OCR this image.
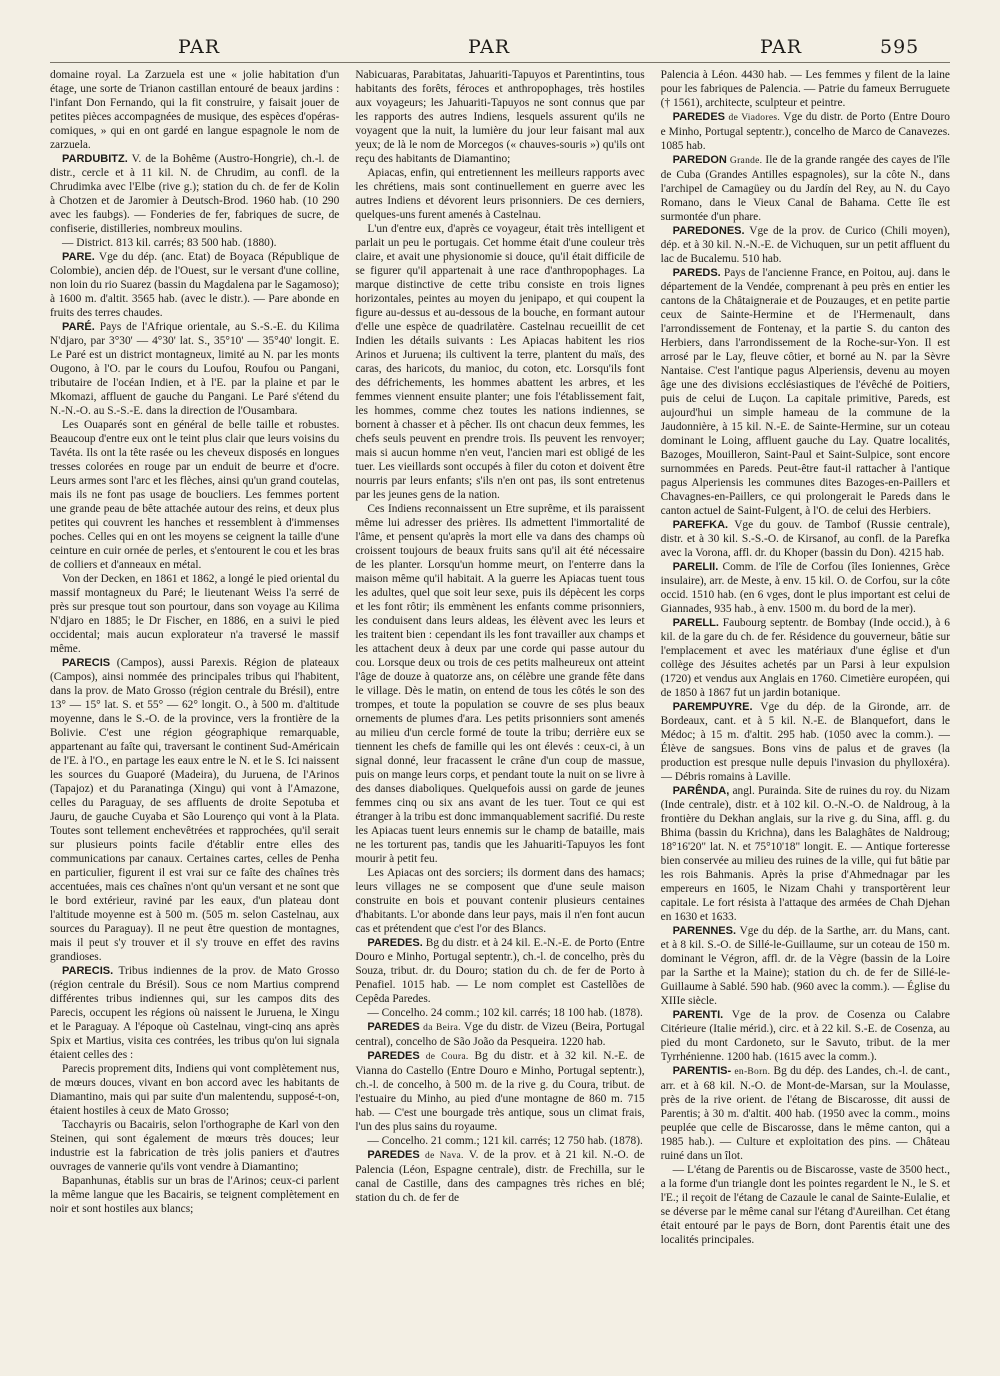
PAR	PAR	PAR	595

domaine royal. La Zarzuela est une « jolie habitation d'un étage, une sorte de Trianon castillan entouré de beaux jardins : l'infant Don Fernando, qui la fit construire, y faisait jouer de petites pièces accompagnées de musique, des espèces d'opéras-comiques, » qui en ont gardé en langue espagnole le nom de zarzuela.

PARDUBITZ. V. de la Bohême (Austro-Hongrie), ch.-l. de distr., cercle et à 11 kil. N. de Chrudim, au confl. de la Chrudimka avec l'Elbe (rive g.); station du ch. de fer de Kolin à Chotzen et de Jaromier à Deutsch-Brod. 1960 hab. (10 290 avec les faubgs). — Fonderies de fer, fabriques de sucre, de confiserie, distilleries, nombreux moulins.

— District. 813 kil. carrés; 83 500 hab. (1880).

PARE. Vge du dép. (anc. Etat) de Boyaca (République de Colombie), ancien dép. de l'Ouest, sur le versant d'une colline, non loin du rio Suarez (bassin du Magdalena par le Sagamoso); à 1600 m. d'altit. 3565 hab. (avec le distr.). — Pare abonde en fruits des terres chaudes.

PARÉ. Pays de l'Afrique orientale, au S.-S.-E. du Kilima N'djaro, par 3°30' — 4°30' lat. S., 35°10' — 35°40' longit. E. Le Paré est un district montagneux, limité au N. par les monts Ougono, à l'O. par le cours du Loufou, Roufou ou Pangani, tributaire de l'océan Indien, et à l'E. par la plaine et par le Mkomazi, affluent de gauche du Pangani. Le Paré s'étend du N.-N.-O. au S.-S.-E. dans la direction de l'Ousambara.

Les Ouaparés sont en général de belle taille et robustes. Beaucoup d'entre eux ont le teint plus clair que leurs voisins du Tavéta. Ils ont la tête rasée ou les cheveux disposés en longues tresses colorées en rouge par un enduit de beurre et d'ocre. Leurs armes sont l'arc et les flèches, ainsi qu'un grand coutelas, mais ils ne font pas usage de boucliers. Les femmes portent une grande peau de bête attachée autour des reins, et deux plus petites qui couvrent les hanches et ressemblent à d'immenses poches. Celles qui en ont les moyens se ceignent la taille d'une ceinture en cuir ornée de perles, et s'entourent le cou et les bras de colliers et d'anneaux en métal.

Von der Decken, en 1861 et 1862, a longé le pied oriental du massif montagneux du Paré; le lieutenant Weiss l'a serré de près sur presque tout son pourtour, dans son voyage au Kilima N'djaro en 1885; le Dr Fischer, en 1886, en a suivi le pied occidental; mais aucun explorateur n'a traversé le massif même.

PARECIS (Campos), aussi Parexis. Région de plateaux (Campos), ainsi nommée des principales tribus qui l'habitent, dans la prov. de Mato Grosso (région centrale du Brésil), entre 13° — 15° lat. S. et 55° — 62° longit. O., à 500 m. d'altitude moyenne, dans le S.-O. de la province, vers la frontière de la Bolivie. C'est une région géographique remarquable, appartenant au faîte qui, traversant le continent Sud-Américain de l'E. à l'O., en partage les eaux entre le N. et le S. Ici naissent les sources du Guaporé (Madeira), du Juruena, de l'Arinos (Tapajoz) et du Paranatinga (Xingu) qui vont à l'Amazone, celles du Paraguay, de ses affluents de droite Sepotuba et Jauru, de gauche Cuyaba et São Lourenço qui vont à la Plata. Toutes sont tellement enchevêtrées et rapprochées, qu'il serait sur plusieurs points facile d'établir entre elles des communications par canaux. Certaines cartes, celles de Penha en particulier, figurent il est vrai sur ce faîte des chaînes très accentuées, mais ces chaînes n'ont qu'un versant et ne sont que le bord extérieur, raviné par les eaux, d'un plateau dont l'altitude moyenne est à 500 m. (505 m. selon Castelnau, aux sources du Paraguay). Il ne peut être question de montagnes, mais il peut s'y trouver et il s'y trouve en effet des ravins grandioses.

PARECIS. Tribus indiennes de la prov. de Mato Grosso (région centrale du Brésil). Sous ce nom Martius comprend différentes tribus indiennes qui, sur les campos dits des Parecis, occupent les régions où naissent le Juruena, le Xingu et le Paraguay. A l'époque où Castelnau, vingt-cinq ans après Spix et Martius, visita ces contrées, les tribus qu'on lui signala étaient celles des :

Parecis proprement dits, Indiens qui vont complètement nus, de mœurs douces, vivant en bon accord avec les habitants de Diamantino, mais qui par suite d'un malentendu, supposé-t-on, étaient hostiles à ceux de Mato Grosso;

Tacchayris ou Bacairis, selon l'orthographe de Karl von den Steinen, qui sont également de mœurs très douces; leur industrie est la fabrication de très jolis paniers et d'autres ouvrages de vannerie qu'ils vont vendre à Diamantino;

Bapanhunas, établis sur un bras de l'Arinos; ceux-ci parlent la même langue que les Bacairis, se teignent complètement en noir et sont hostiles aux blancs;

Nabicuaras, Parabitatas, Jahuariti-Tapuyos et Parentintins, tous habitants des forêts, féroces et anthropophages, très hostiles aux voyageurs; les Jahuariti-Tapuyos ne sont connus que par les rapports des autres Indiens, lesquels assurent qu'ils ne voyagent que la nuit, la lumière du jour leur faisant mal aux yeux; de là le nom de Morcegos (« chauves-souris ») qu'ils ont reçu des habitants de Diamantino;

Apiacas, enfin, qui entretiennent les meilleurs rapports avec les chrétiens, mais sont continuellement en guerre avec les autres Indiens et dévorent leurs prisonniers. De ces derniers, quelques-uns furent amenés à Castelnau.

L'un d'entre eux, d'après ce voyageur, était très intelligent et parlait un peu le portugais. Cet homme était d'une couleur très claire, et avait une physionomie si douce, qu'il était difficile de se figurer qu'il appartenait à une race d'anthropophages. La marque distinctive de cette tribu consiste en trois lignes horizontales, peintes au moyen du jenipapo, et qui coupent la figure au-dessus et au-dessous de la bouche, en formant autour d'elle une espèce de quadrilatère. Castelnau recueillit de cet Indien les détails suivants : Les Apiacas habitent les rios Arinos et Juruena; ils cultivent la terre, plantent du maïs, des caras, des haricots, du manioc, du coton, etc. Lorsqu'ils font des défrichements, les hommes abattent les arbres, et les femmes viennent ensuite planter; une fois l'établissement fait, les hommes, comme chez toutes les nations indiennes, se bornent à chasser et à pêcher. Ils ont chacun deux femmes, les chefs seuls peuvent en prendre trois. Ils peuvent les renvoyer; mais si aucun homme n'en veut, l'ancien mari est obligé de les tuer. Les vieillards sont occupés à filer du coton et doivent être nourris par leurs enfants; s'ils n'en ont pas, ils sont entretenus par les jeunes gens de la nation.

Ces Indiens reconnaissent un Etre suprême, et ils paraissent même lui adresser des prières. Ils admettent l'immortalité de l'âme, et pensent qu'après la mort elle va dans des champs où croissent toujours de beaux fruits sans qu'il ait été nécessaire de les planter. Lorsqu'un homme meurt, on l'enterre dans la maison même qu'il habitait. A la guerre les Apiacas tuent tous les adultes, quel que soit leur sexe, puis ils dépècent les corps et les font rôtir; ils emmènent les enfants comme prisonniers, les conduisent dans leurs aldeas, les élèvent avec les leurs et les traitent bien : cependant ils les font travailler aux champs et les attachent deux à deux par une corde qui passe autour du cou. Lorsque deux ou trois de ces petits malheureux ont atteint l'âge de douze à quatorze ans, on célèbre une grande fête dans le village. Dès le matin, on entend de tous les côtés le son des trompes, et toute la population se couvre de ses plus beaux ornements de plumes d'ara. Les petits prisonniers sont amenés au milieu d'un cercle formé de toute la tribu; derrière eux se tiennent les chefs de famille qui les ont élevés : ceux-ci, à un signal donné, leur fracassent le crâne d'un coup de massue, puis on mange leurs corps, et pendant toute la nuit on se livre à des danses diaboliques. Quelquefois aussi on garde de jeunes femmes cinq ou six ans avant de les tuer. Tout ce qui est étranger à la tribu est donc immanquablement sacrifié. Du reste les Apiacas tuent leurs ennemis sur le champ de bataille, mais ne les torturent pas, tandis que les Jahuariti-Tapuyos les font mourir à petit feu.

Les Apiacas ont des sorciers; ils dorment dans des hamacs; leurs villages ne se composent que d'une seule maison construite en bois et pouvant contenir plusieurs centaines d'habitants. L'or abonde dans leur pays, mais il n'en font aucun cas et prétendent que c'est l'or des Blancs.

PAREDES. Bg du distr. et à 24 kil. E.-N.-E. de Porto (Entre Douro e Minho, Portugal septentr.), ch.-l. de concelho, près du Souza, tribut. dr. du Douro; station du ch. de fer de Porto à Penafiel. 1015 hab. — Le nom complet est Castellões de Cepêda Paredes.

— Concelho. 24 comm.; 102 kil. carrés; 18 100 hab. (1878).

PAREDES da Beira. Vge du distr. de Vizeu (Beira, Portugal central), concelho de São João da Pesqueira. 1220 hab.

PAREDES de Coura. Bg du distr. et à 32 kil. N.-E. de Vianna do Castello (Entre Douro e Minho, Portugal septentr.), ch.-l. de concelho, à 500 m. de la rive g. du Coura, tribut. de l'estuaire du Minho, au pied d'une montagne de 860 m. 715 hab. — C'est une bourgade très antique, sous un climat frais, l'un des plus sains du royaume.

— Concelho. 21 comm.; 121 kil. carrés; 12 750 hab. (1878).

PAREDES de Nava. V. de la prov. et à 21 kil. N.-O. de Palencia (Léon, Espagne centrale), distr. de Frechilla, sur le canal de Castille, dans des campagnes très riches en blé; station du ch. de fer de

Palencia à Léon. 4430 hab. — Les femmes y filent de la laine pour les fabriques de Palencia. — Patrie du fameux Berruguete († 1561), architecte, sculpteur et peintre.

PAREDES de Viadores. Vge du distr. de Porto (Entre Douro e Minho, Portugal septentr.), concelho de Marco de Canavezes. 1085 hab.

PAREDON Grande. Ile de la grande rangée des cayes de l'île de Cuba (Grandes Antilles espagnoles), sur la côte N., dans l'archipel de Camagüey ou du Jardín del Rey, au N. du Cayo Romano, dans le Vieux Canal de Bahama. Cette île est surmontée d'un phare.

PAREDONES. Vge de la prov. de Curico (Chili moyen), dép. et à 30 kil. N.-N.-E. de Vichuquen, sur un petit affluent du lac de Bucalemu. 510 hab.

PAREDS. Pays de l'ancienne France, en Poitou, auj. dans le département de la Vendée, comprenant à peu près en entier les cantons de la Châtaigneraie et de Pouzauges, et en petite partie ceux de Sainte-Hermine et de l'Hermenault, dans l'arrondissement de Fontenay, et la partie S. du canton des Herbiers, dans l'arrondissement de la Roche-sur-Yon. Il est arrosé par le Lay, fleuve côtier, et borné au N. par la Sèvre Nantaise. C'est l'antique pagus Alperiensis, devenu au moyen âge une des divisions ecclésiastiques de l'évêché de Poitiers, puis de celui de Luçon. La capitale primitive, Pareds, est aujourd'hui un simple hameau de la commune de la Jaudonnière, à 15 kil. N.-E. de Sainte-Hermine, sur un coteau dominant le Loing, affluent gauche du Lay. Quatre localités, Bazoges, Mouilleron, Saint-Paul et Saint-Sulpice, sont encore surnommées en Pareds. Peut-être faut-il rattacher à l'antique pagus Alperiensis les communes dites Bazoges-en-Paillers et Chavagnes-en-Paillers, ce qui prolongerait le Pareds dans le canton actuel de Saint-Fulgent, à l'O. de celui des Herbiers.

PAREFKA. Vge du gouv. de Tambof (Russie centrale), distr. et à 30 kil. S.-S.-O. de Kirsanof, au confl. de la Parefka avec la Vorona, affl. dr. du Khoper (bassin du Don). 4215 hab.

PARELII. Comm. de l'île de Corfou (îles Ioniennes, Grèce insulaire), arr. de Meste, à env. 15 kil. O. de Corfou, sur la côte occid. 1510 hab. (en 6 vges, dont le plus important est celui de Giannades, 935 hab., à env. 1500 m. du bord de la mer).

PARELL. Faubourg septentr. de Bombay (Inde occid.), à 6 kil. de la gare du ch. de fer. Résidence du gouverneur, bâtie sur l'emplacement et avec les matériaux d'une église et d'un collège des Jésuites achetés par un Parsi à leur expulsion (1720) et vendus aux Anglais en 1760. Cimetière européen, qui de 1850 à 1867 fut un jardin botanique.

PAREMPUYRE. Vge du dép. de la Gironde, arr. de Bordeaux, cant. et à 5 kil. N.-E. de Blanquefort, dans le Médoc; à 15 m. d'altit. 295 hab. (1050 avec la comm.). — Élève de sangsues. Bons vins de palus et de graves (la production est presque nulle depuis l'invasion du phylloxéra). — Débris romains à Laville.

PARÊNDA, angl. Purainda. Site de ruines du roy. du Nizam (Inde centrale), distr. et à 102 kil. O.-N.-O. de Naldroug, à la frontière du Dekhan anglais, sur la rive g. du Sina, affl. g. du Bhima (bassin du Krichna), dans les Balaghâtes de Naldroug; 18°16'20" lat. N. et 75°10'18" longit. E. — Antique forteresse bien conservée au milieu des ruines de la ville, qui fut bâtie par les rois Bahmanis. Après la prise d'Ahmednagar par les empereurs en 1605, le Nizam Chahi y transportèrent leur capitale. Le fort résista à l'attaque des armées de Chah Djehan en 1630 et 1633.

PARENNES. Vge du dép. de la Sarthe, arr. du Mans, cant. et à 8 kil. S.-O. de Sillé-le-Guillaume, sur un coteau de 150 m. dominant le Végron, affl. dr. de la Vègre (bassin de la Loire par la Sarthe et la Maine); station du ch. de fer de Sillé-le-Guillaume à Sablé. 590 hab. (960 avec la comm.). — Église du XIIIe siècle.

PARENTI. Vge de la prov. de Cosenza ou Calabre Citérieure (Italie mérid.), circ. et à 22 kil. S.-E. de Cosenza, au pied du mont Cardoneto, sur le Savuto, tribut. de la mer Tyrrhénienne. 1200 hab. (1615 avec la comm.).

PARENTIS- en-Born. Bg du dép. des Landes, ch.-l. de cant., arr. et à 68 kil. N.-O. de Mont-de-Marsan, sur la Moulasse, près de la rive orient. de l'étang de Biscarosse, dit aussi de Parentis; à 30 m. d'altit. 400 hab. (1950 avec la comm., moins peuplée que celle de Biscarosse, dans le même canton, qui a 1985 hab.). — Culture et exploitation des pins. — Château ruiné dans un îlot.

— L'étang de Parentis ou de Biscarosse, vaste de 3500 hect., a la forme d'un triangle dont les pointes regardent le N., le S. et l'E.; il reçoit de l'étang de Cazaule le canal de Sainte-Eulalie, et se déverse par le même canal sur l'étang d'Aureilhan. Cet étang était entouré par le pays de Born, dont Parentis était une des localités principales.
